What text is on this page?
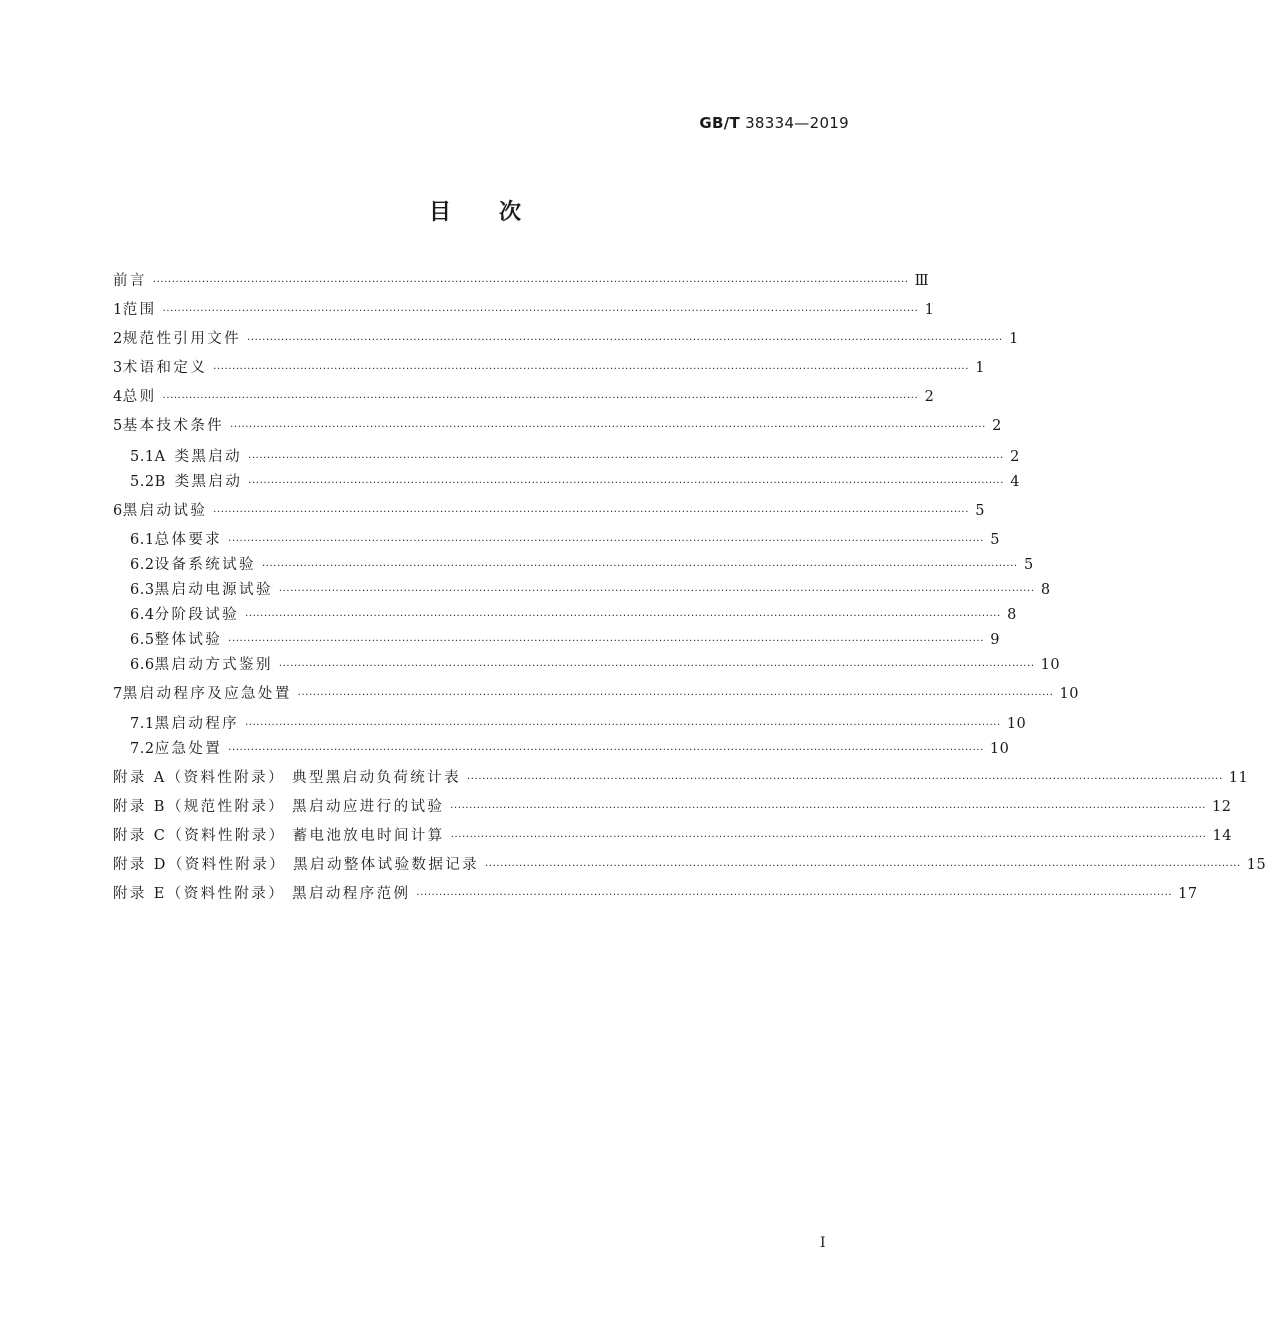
GB/T 38334—2019
目次
前言 ········································································································································································································ Ⅲ
1 范围 ········································································································································································································ 1
2 规范性引用文件 ········································································································································································································ 1
3 术语和定义 ········································································································································································································ 1
4 总则 ········································································································································································································ 2
5 基本技术条件 ········································································································································································································ 2
5.1 A 类黑启动 ········································································································································································································ 2
5.2 B 类黑启动 ········································································································································································································ 4
6 黑启动试验 ········································································································································································································ 5
6.1 总体要求 ········································································································································································································ 5
6.2 设备系统试验 ········································································································································································································ 5
6.3 黑启动电源试验 ········································································································································································································ 8
6.4 分阶段试验 ········································································································································································································ 8
6.5 整体试验 ········································································································································································································ 9
6.6 黑启动方式鉴别 ········································································································································································································ 10
7 黑启动程序及应急处置 ········································································································································································································ 10
7.1 黑启动程序 ········································································································································································································ 10
7.2 应急处置 ········································································································································································································ 10
附录 A（资料性附录） 典型黑启动负荷统计表 ········································································································································································································ 11
附录 B（规范性附录） 黑启动应进行的试验 ········································································································································································································ 12
附录 C（资料性附录） 蓄电池放电时间计算 ········································································································································································································ 14
附录 D（资料性附录） 黑启动整体试验数据记录 ········································································································································································································ 15
附录 E（资料性附录） 黑启动程序范例 ········································································································································································································ 17
Ⅰ
